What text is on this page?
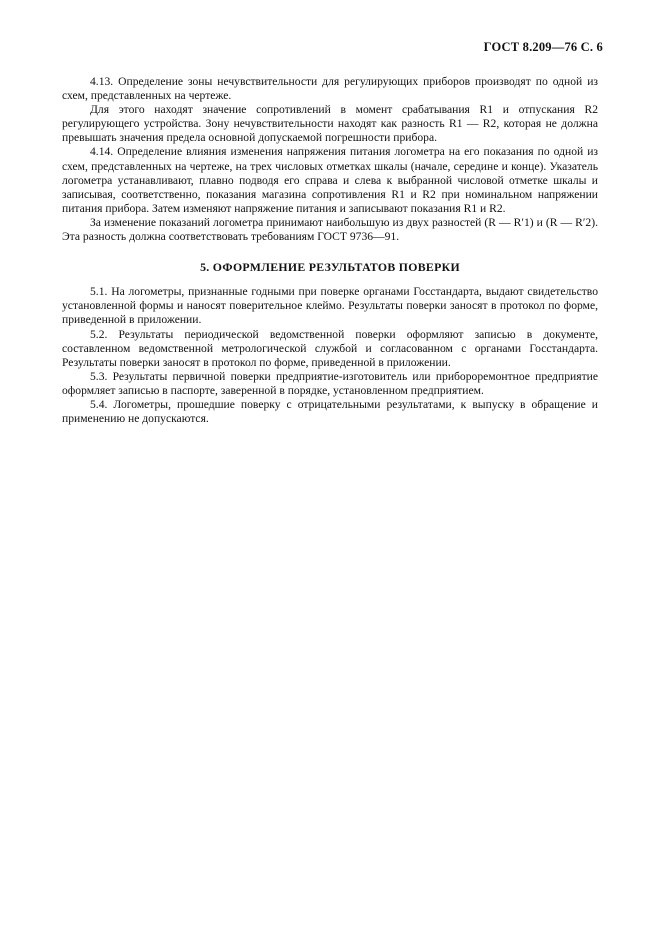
ГОСТ 8.209—76 С. 6

4.13. Определение зоны нечувствительности для регулирующих приборов производят по одной из схем, представленных на чертеже.

Для этого находят значение сопротивлений в момент срабатывания R1 и отпускания R2 регулирующего устройства. Зону нечувствительности находят как разность R1 — R2, которая не должна превышать значения предела основной допускаемой погрешности прибора.

4.14. Определение влияния изменения напряжения питания логометра на его показания по одной из схем, представленных на чертеже, на трех числовых отметках шкалы (начале, середине и конце). Указатель логометра устанавливают, плавно подводя его справа и слева к выбранной числовой отметке шкалы и записывая, соответственно, показания магазина сопротивления R1 и R2 при номинальном напряжении питания прибора. Затем изменяют напряжение питания и записывают показания R1 и R2.

За изменение показаний логометра принимают наибольшую из двух разностей (R — R′1) и (R — R′2). Эта разность должна соответствовать требованиям ГОСТ 9736—91.

5. ОФОРМЛЕНИЕ РЕЗУЛЬТАТОВ ПОВЕРКИ

5.1. На логометры, признанные годными при поверке органами Госстандарта, выдают свидетельство установленной формы и наносят поверительное клеймо. Результаты поверки заносят в протокол по форме, приведенной в приложении.

5.2. Результаты периодической ведомственной поверки оформляют записью в документе, составленном ведомственной метрологической службой и согласованном с органами Госстандарта. Результаты поверки заносят в протокол по форме, приведенной в приложении.

5.3. Результаты первичной поверки предприятие-изготовитель или прибороремонтное предприятие оформляет записью в паспорте, заверенной в порядке, установленном предприятием.

5.4. Логометры, прошедшие поверку с отрицательными результатами, к выпуску в обращение и применению не допускаются.
